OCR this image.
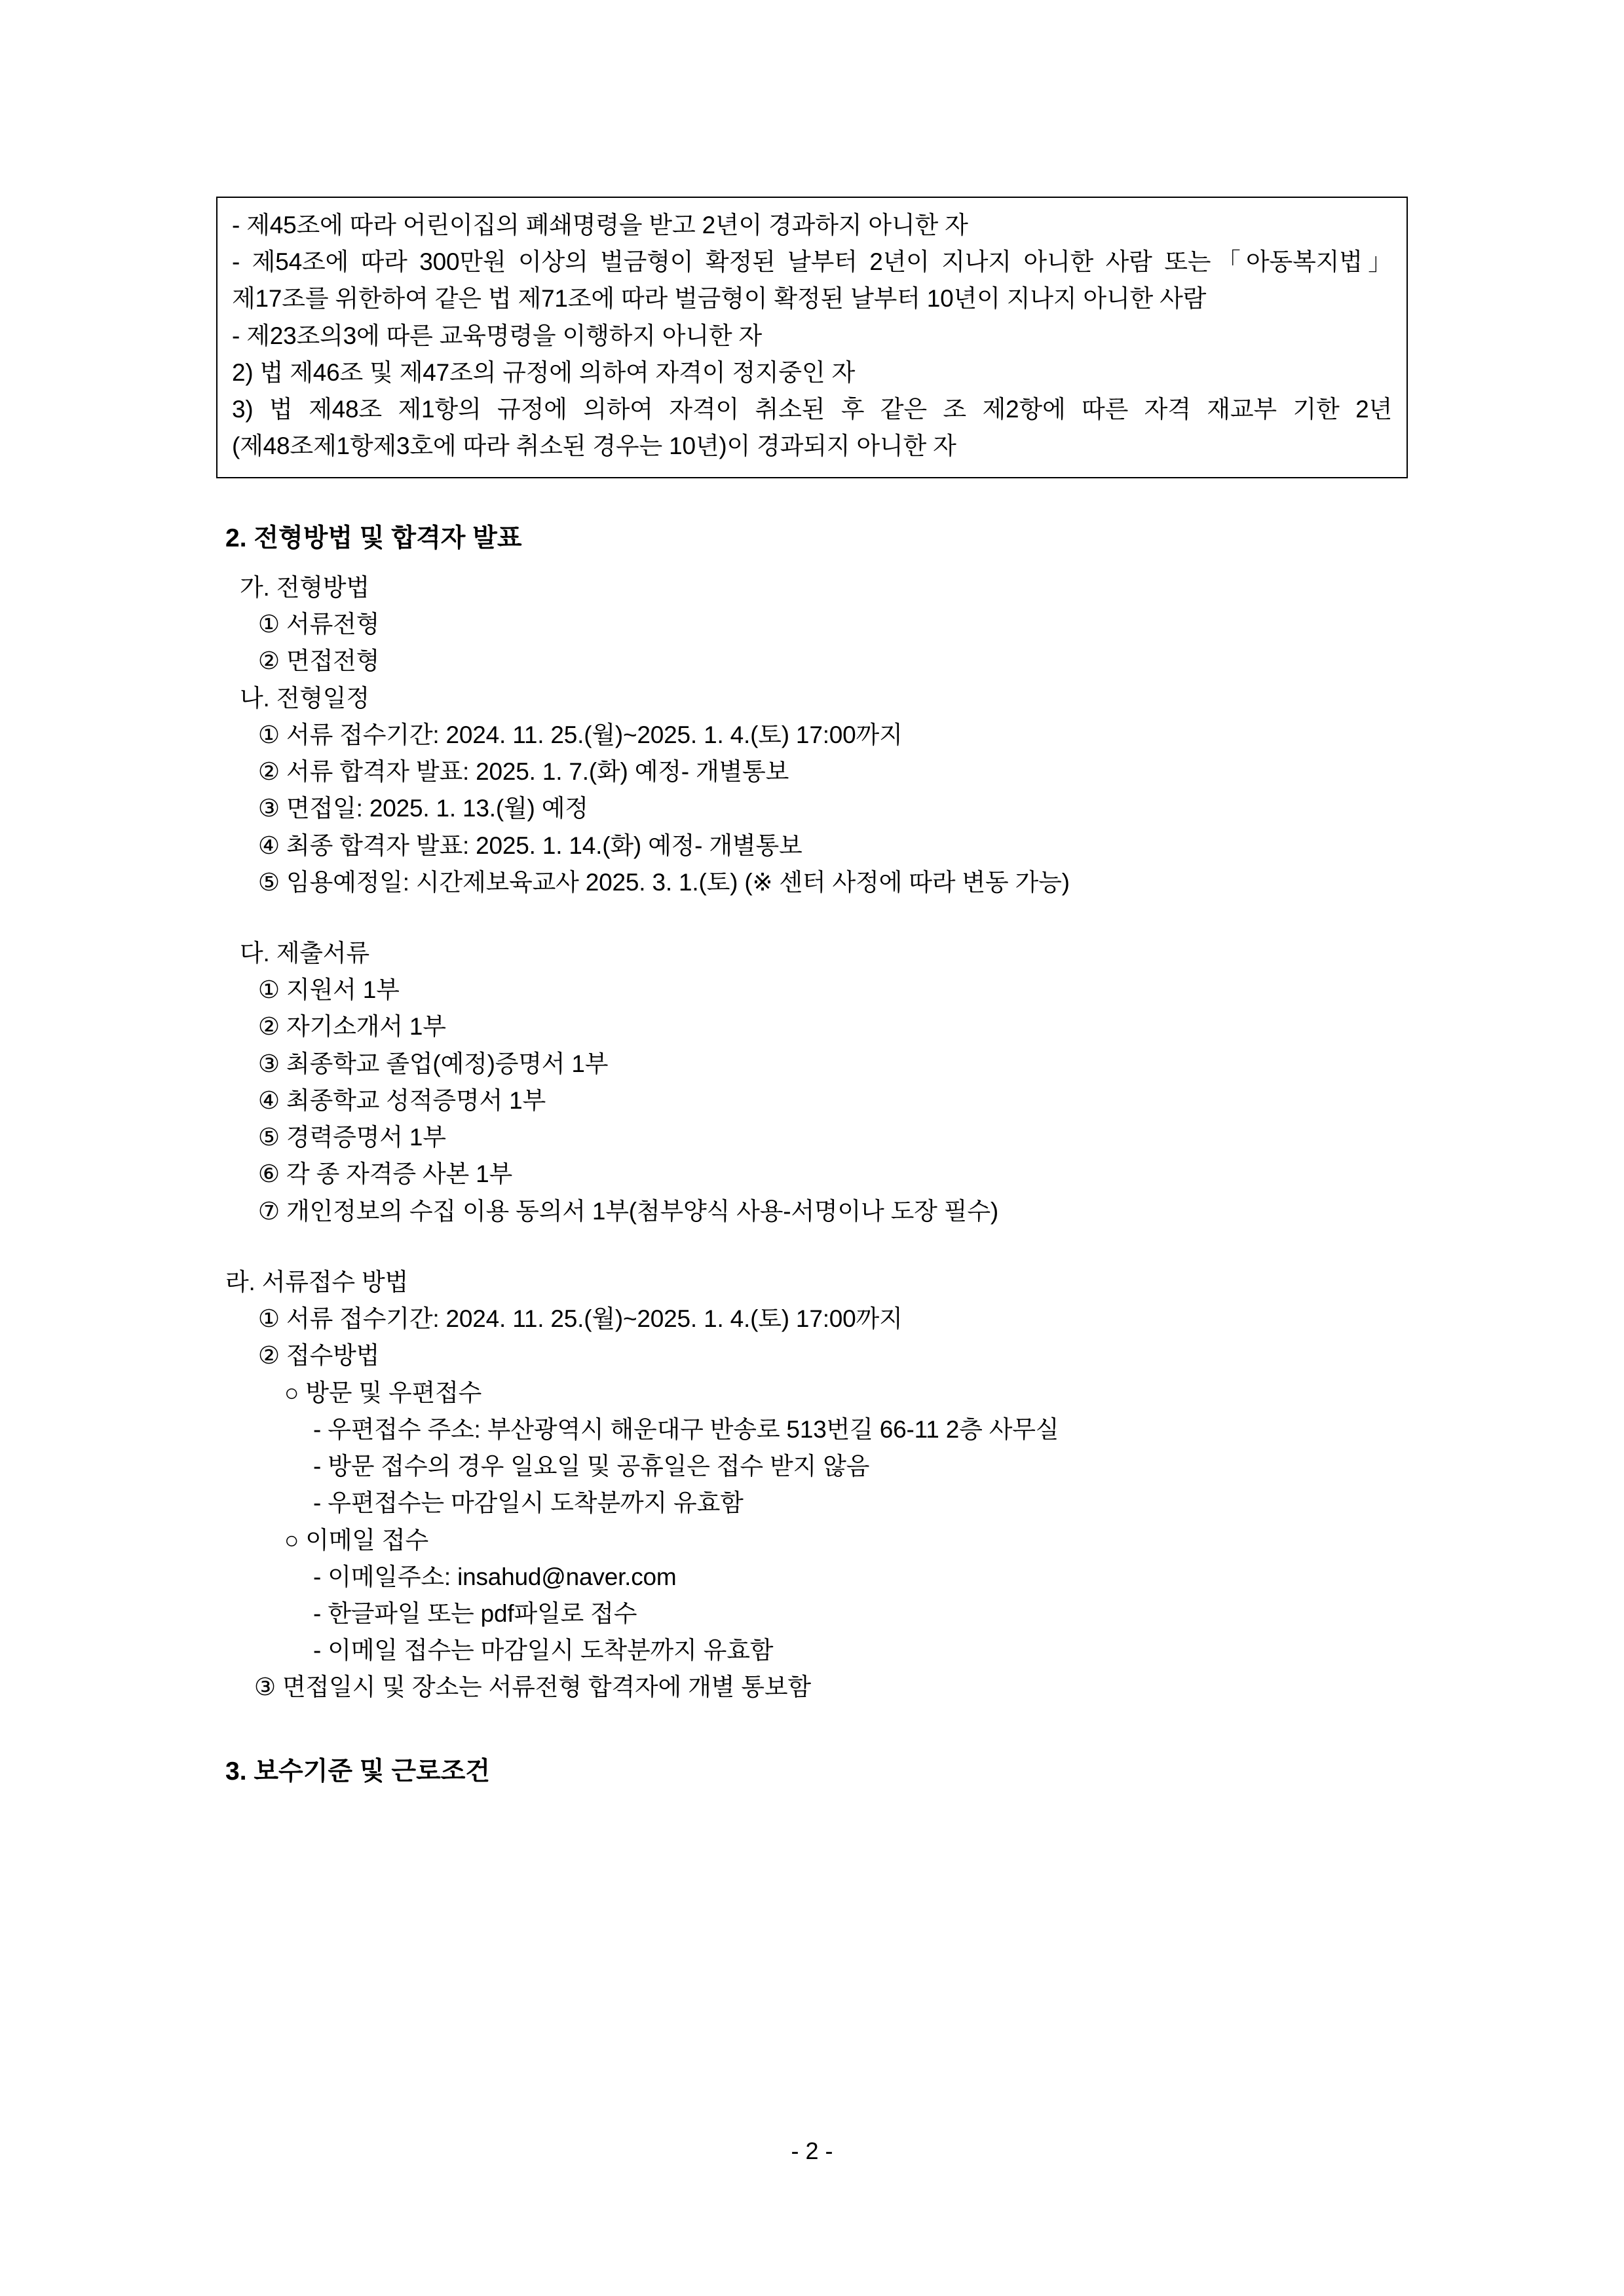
- 제45조에 따라 어린이집의 폐쇄명령을 받고 2년이 경과하지 아니한 자

- 제54조에 따라 300만원 이상의 벌금형이 확정된 날부터 2년이 지나지 아니한 사람 또는「아동복지법」제17조를 위한하여 같은 법 제71조에 따라 벌금형이 확정된 날부터 10년이 지나지 아니한 사람

- 제23조의3에 따른 교육명령을 이행하지 아니한 자

2) 법 제46조 및 제47조의 규정에 의하여 자격이 정지중인 자

3) 법 제48조 제1항의 규정에 의하여 자격이 취소된 후 같은 조 제2항에 따른 자격 재교부 기한 2년(제48조제1항제3호에 따라 취소된 경우는 10년)이 경과되지 아니한 자

2. 전형방법 및 합격자 발표

가. 전형방법

① 서류전형

② 면접전형

나. 전형일정

① 서류 접수기간: 2024. 11. 25.(월)~2025. 1. 4.(토) 17:00까지

② 서류 합격자 발표: 2025. 1. 7.(화) 예정- 개별통보

③ 면접일: 2025. 1. 13.(월) 예정

④ 최종 합격자 발표: 2025. 1. 14.(화) 예정- 개별통보

⑤ 임용예정일: 시간제보육교사 2025. 3. 1.(토) (※ 센터 사정에 따라 변동 가능)

다. 제출서류

① 지원서 1부

② 자기소개서 1부

③ 최종학교 졸업(예정)증명서 1부

④ 최종학교 성적증명서 1부

⑤ 경력증명서 1부

⑥ 각 종 자격증 사본 1부

⑦ 개인정보의 수집 이용 동의서 1부(첨부양식 사용-서명이나 도장 필수)

라. 서류접수 방법

① 서류 접수기간: 2024. 11. 25.(월)~2025. 1. 4.(토) 17:00까지

② 접수방법

○ 방문 및 우편접수

- 우편접수 주소: 부산광역시 해운대구 반송로 513번길 66-11 2층 사무실

- 방문 접수의 경우 일요일 및 공휴일은 접수 받지 않음

- 우편접수는 마감일시 도착분까지 유효함

○ 이메일 접수

- 이메일주소: insahud@naver.com

- 한글파일 또는 pdf파일로 접수

- 이메일 접수는 마감일시 도착분까지 유효함

③ 면접일시 및 장소는 서류전형 합격자에 개별 통보함

3. 보수기준 및 근로조건
- 2 -
